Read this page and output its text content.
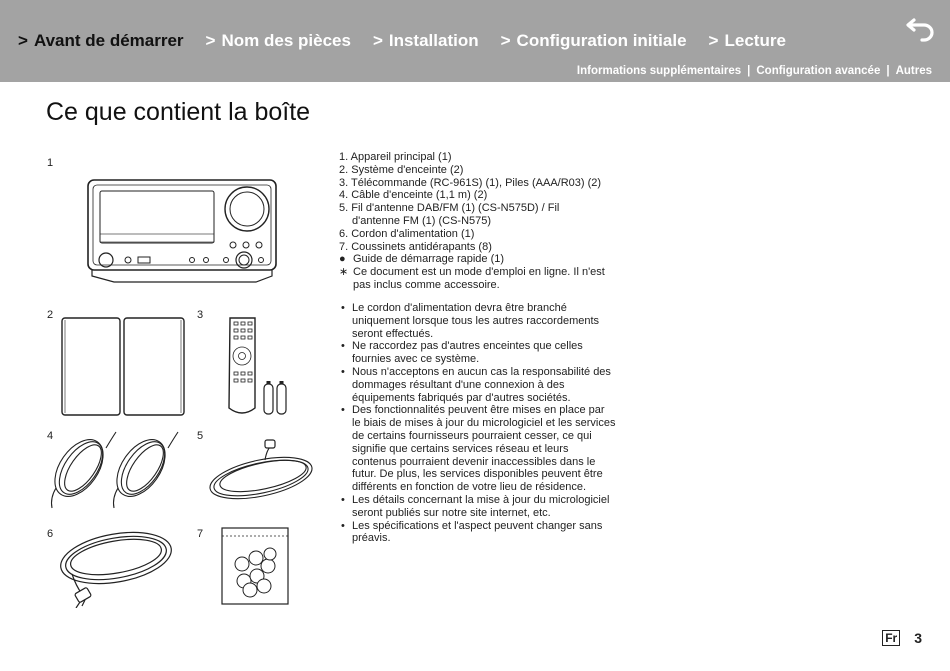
> Avant de démarrer > Nom des pièces > Installation > Configuration initiale > Lecture
Informations supplémentaires | Configuration avancée | Autres
Ce que contient la boîte
1
2	3
4	5
6	7
1. Appareil principal (1)
2. Système d'enceinte (2)
3. Télécommande (RC-961S) (1), Piles (AAA/R03) (2)
4. Câble d'enceinte (1,1 m) (2)
5. Fil d'antenne DAB/FM (1) (CS-N575D) / Fil
d'antenne FM (1) (CS-N575)
6. Cordon d'alimentation (1)
7. Coussinets antidérapants (8)
● Guide de démarrage rapide (1)
∗ Ce document est un mode d'emploi en ligne. Il n'est
pas inclus comme accessoire.
• Le cordon d'alimentation devra être branché uniquement lorsque tous les autres raccordements seront effectués.
• Ne raccordez pas d'autres enceintes que celles fournies avec ce système.
• Nous n'acceptons en aucun cas la responsabilité des dommages résultant d'une connexion à des équipements fabriqués par d'autres sociétés.
• Des fonctionnalités peuvent être mises en place par le biais de mises à jour du micrologiciel et les services de certains fournisseurs pourraient cesser, ce qui signifie que certains services réseau et leurs contenus pourraient devenir inaccessibles dans le futur. De plus, les services disponibles peuvent être différents en fonction de votre lieu de résidence.
• Les détails concernant la mise à jour du micrologiciel seront publiés sur notre site internet, etc.
• Les spécifications et l'aspect peuvent changer sans préavis.
Fr 3
